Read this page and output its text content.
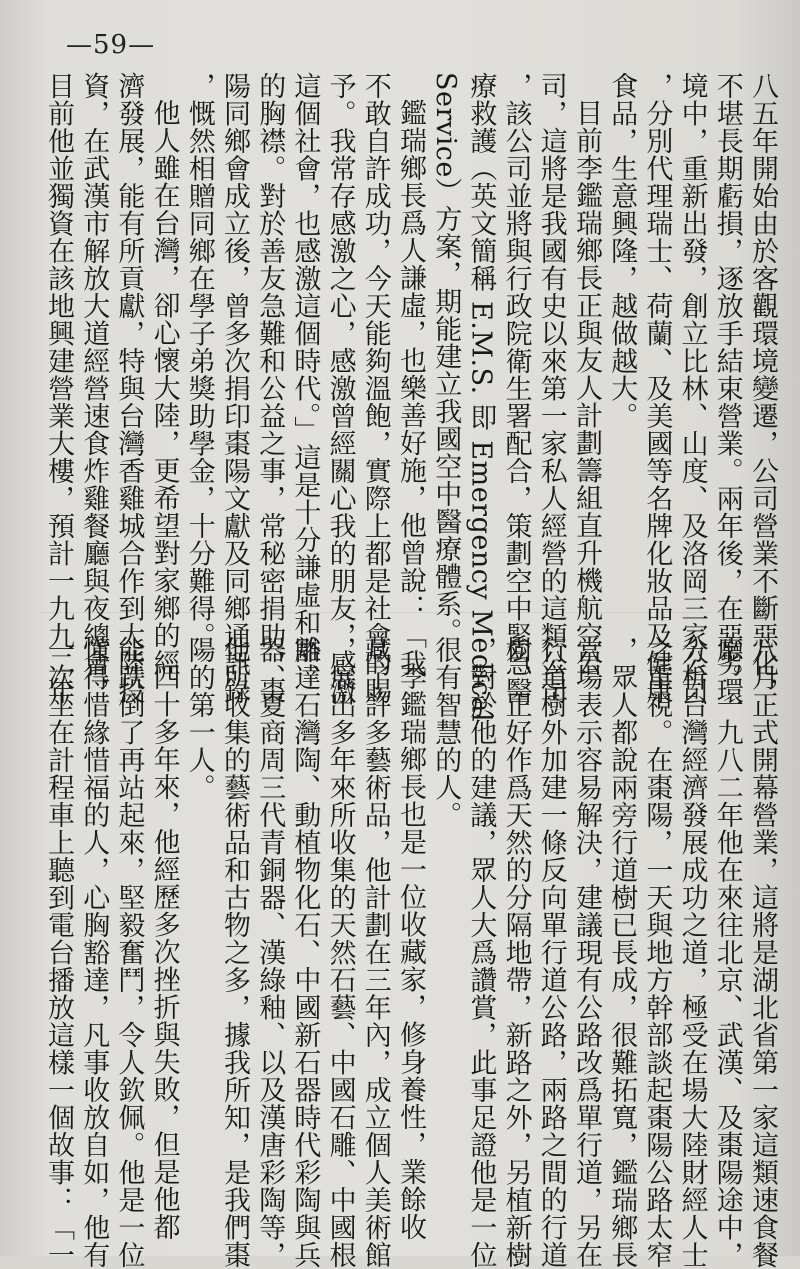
—59—
八五年開始由於客觀環境變遷，公司營業不斷惡化，
不堪長期虧損，逐放手結束營業。兩年後，在惡劣環
境中，重新出發，創立比林、山度、及洛岡三家公司
，分別代理瑞士、荷蘭、及美國等名牌化妝品及健康
食品，生意興隆，越做越大。
目前李鑑瑞鄉長正與友人計劃籌組直升機航空公
司，這將是我國有史以來第一家私人經營的這類公司
，該公司並將與行政院衛生署配合，策劃空中緊急醫
療救護（英文簡稱 E.M.S. 即 Emergency Medical
Service）方案，期能建立我國空中醫療體系。
鑑瑞鄉長爲人謙虛，也樂善好施，他曾說：「我
不敢自許成功，今天能夠溫飽，實際上都是社會的賜
予。我常存感激之心，感激曾經關心我的朋友，感激
這個社會，也感激這個時代。」這是十分謙虛和豁達
的胸襟。對於善友急難和公益之事，常秘密捐助，棗
陽同鄉會成立後，曾多次捐印棗陽文獻及同鄉通訊錄
，慨然相贈同鄉在學子弟獎助學金，十分難得。
他人雖在台灣，卻心懷大陸，更希望對家鄉的經
濟發展，能有所貢獻，特與台灣香雞城合作到大陸投
資，在武漢市解放大道經營速食炸雞餐廳與夜總會，
目前他並獨資在該地興建營業大樓，預計一九九二年
八月正式開幕營業，這將是湖北省第一家這類速食餐
廳。一九八二年他在來往北京、武漢、及棗陽途中，
分析台灣經濟發展成功之道，極受在場大陸財經人士
之重視。在棗陽，一天與地方幹部談起棗陽公路太窄
，眾人都說兩旁行道樹已長成，很難拓寬，鑑瑞鄉長
當場表示容易解決，建議現有公路改爲單行道，另在
行道樹外加建一條反向單行道公路，兩路之間的行道
樹，正好作爲天然的分隔地帶，新路之外，另植新樹
，對於他的建議，眾人大爲讚賞，此事足證他是一位
很有智慧的人。
李鑑瑞鄉長也是一位收藏家，修身養性，業餘收
藏了許多藝術品，他計劃在三年內，成立個人美術館
，展出多年來所收集的天然石藝、中國石雕、中國根
雕、石灣陶、動植物化石、中國新石器時代彩陶與兵
器、夏商周三代青銅器、漢綠釉、以及漢唐彩陶等，
他所收集的藝術品和古物之多，據我所知，是我們棗
陽的第一人。
四十多年來，他經歷多次挫折與失敗，但是他都
能跌倒了再站起來，堅毅奮鬥，令人欽佩。他是一位
懂得惜緣惜福的人，心胸豁達，凡事收放自如，他有
一次坐在計程車上聽到電台播放這樣一個故事：「一
